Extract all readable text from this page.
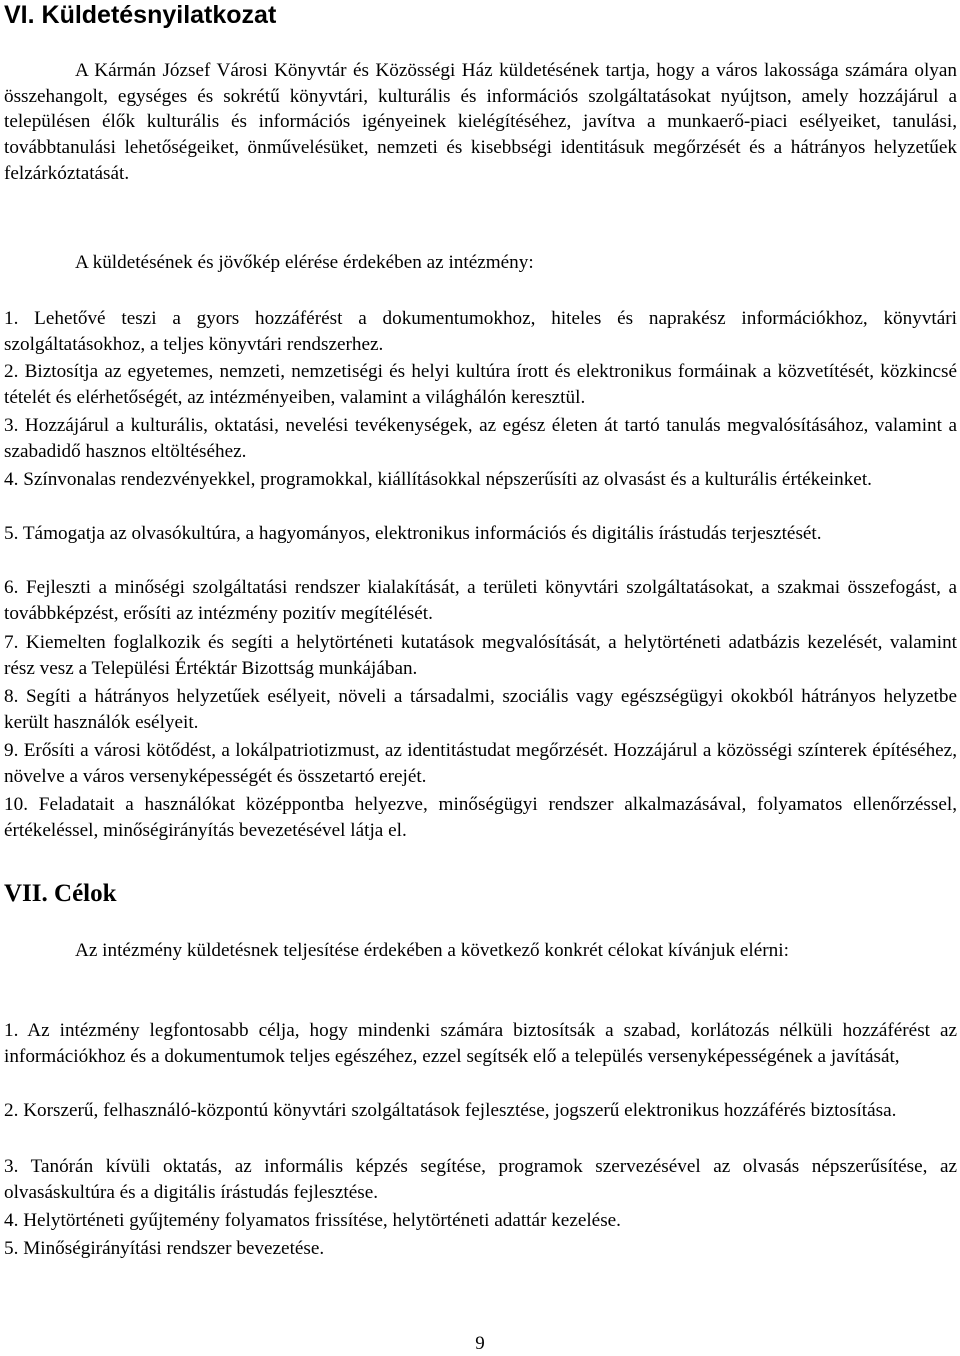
VI. Küldetésnyilatkozat

A Kármán József Városi Könyvtár és Közösségi Ház küldetésének tartja, hogy a város lakossága számára olyan összehangolt, egységes és sokrétű könyvtári, kulturális és információs szolgáltatásokat nyújtson, amely hozzájárul a településen élők kulturális és információs igényeinek kielégítéséhez, javítva a munkaerő-piaci esélyeiket, tanulási, továbbtanulási lehetőségeiket, önművelésüket, nemzeti és kisebbségi identitásuk megőrzését és a hátrányos helyzetűek felzárkóztatását.

A küldetésének és jövőkép elérése érdekében az intézmény:

1. Lehetővé teszi a gyors hozzáférést a dokumentumokhoz, hiteles és naprakész információkhoz, könyvtári szolgáltatásokhoz, a teljes könyvtári rendszerhez.

2. Biztosítja az egyetemes, nemzeti, nemzetiségi és helyi kultúra írott és elektronikus formáinak a közvetítését, közkincsé tételét és elérhetőségét, az intézményeiben, valamint a világhálón keresztül.

3. Hozzájárul a kulturális, oktatási, nevelési tevékenységek, az egész életen át tartó tanulás megvalósításához, valamint a szabadidő hasznos eltöltéséhez.

4. Színvonalas rendezvényekkel, programokkal, kiállításokkal népszerűsíti az olvasást és a kulturális értékeinket.

5. Támogatja az olvasókultúra, a hagyományos, elektronikus információs és digitális írástudás terjesztését.

6. Fejleszti a minőségi szolgáltatási rendszer kialakítását, a területi könyvtári szolgáltatásokat, a szakmai összefogást, a továbbképzést, erősíti az intézmény pozitív megítélését.

7. Kiemelten foglalkozik és segíti a helytörténeti kutatások megvalósítását, a helytörténeti adatbázis kezelését, valamint rész vesz a Települési Értéktár Bizottság munkájában.

8. Segíti a hátrányos helyzetűek esélyeit, növeli a társadalmi, szociális vagy egészségügyi okokból hátrányos helyzetbe került használók esélyeit.

9. Erősíti a városi kötődést, a lokálpatriotizmust, az identitástudat megőrzését. Hozzájárul a közösségi színterek építéséhez, növelve a város versenyképességét és összetartó erejét.

10. Feladatait a használókat középpontba helyezve, minőségügyi rendszer alkalmazásával, folyamatos ellenőrzéssel, értékeléssel, minőségirányítás bevezetésével látja el.

VII. Célok

Az intézmény küldetésnek teljesítése érdekében a következő konkrét célokat kívánjuk elérni:

1. Az intézmény legfontosabb célja, hogy mindenki számára biztosítsák a szabad, korlátozás nélküli hozzáférést az információkhoz és a dokumentumok teljes egészéhez, ezzel segítsék elő a település versenyképességének a javítását,

2. Korszerű, felhasználó-központú könyvtári szolgáltatások fejlesztése, jogszerű elektronikus hozzáférés biztosítása.

3. Tanórán kívüli oktatás, az informális képzés segítése, programok szervezésével az olvasás népszerűsítése, az olvasáskultúra és a digitális írástudás fejlesztése.

4. Helytörténeti gyűjtemény folyamatos frissítése, helytörténeti adattár kezelése.

5. Minőségirányítási rendszer bevezetése.

9
